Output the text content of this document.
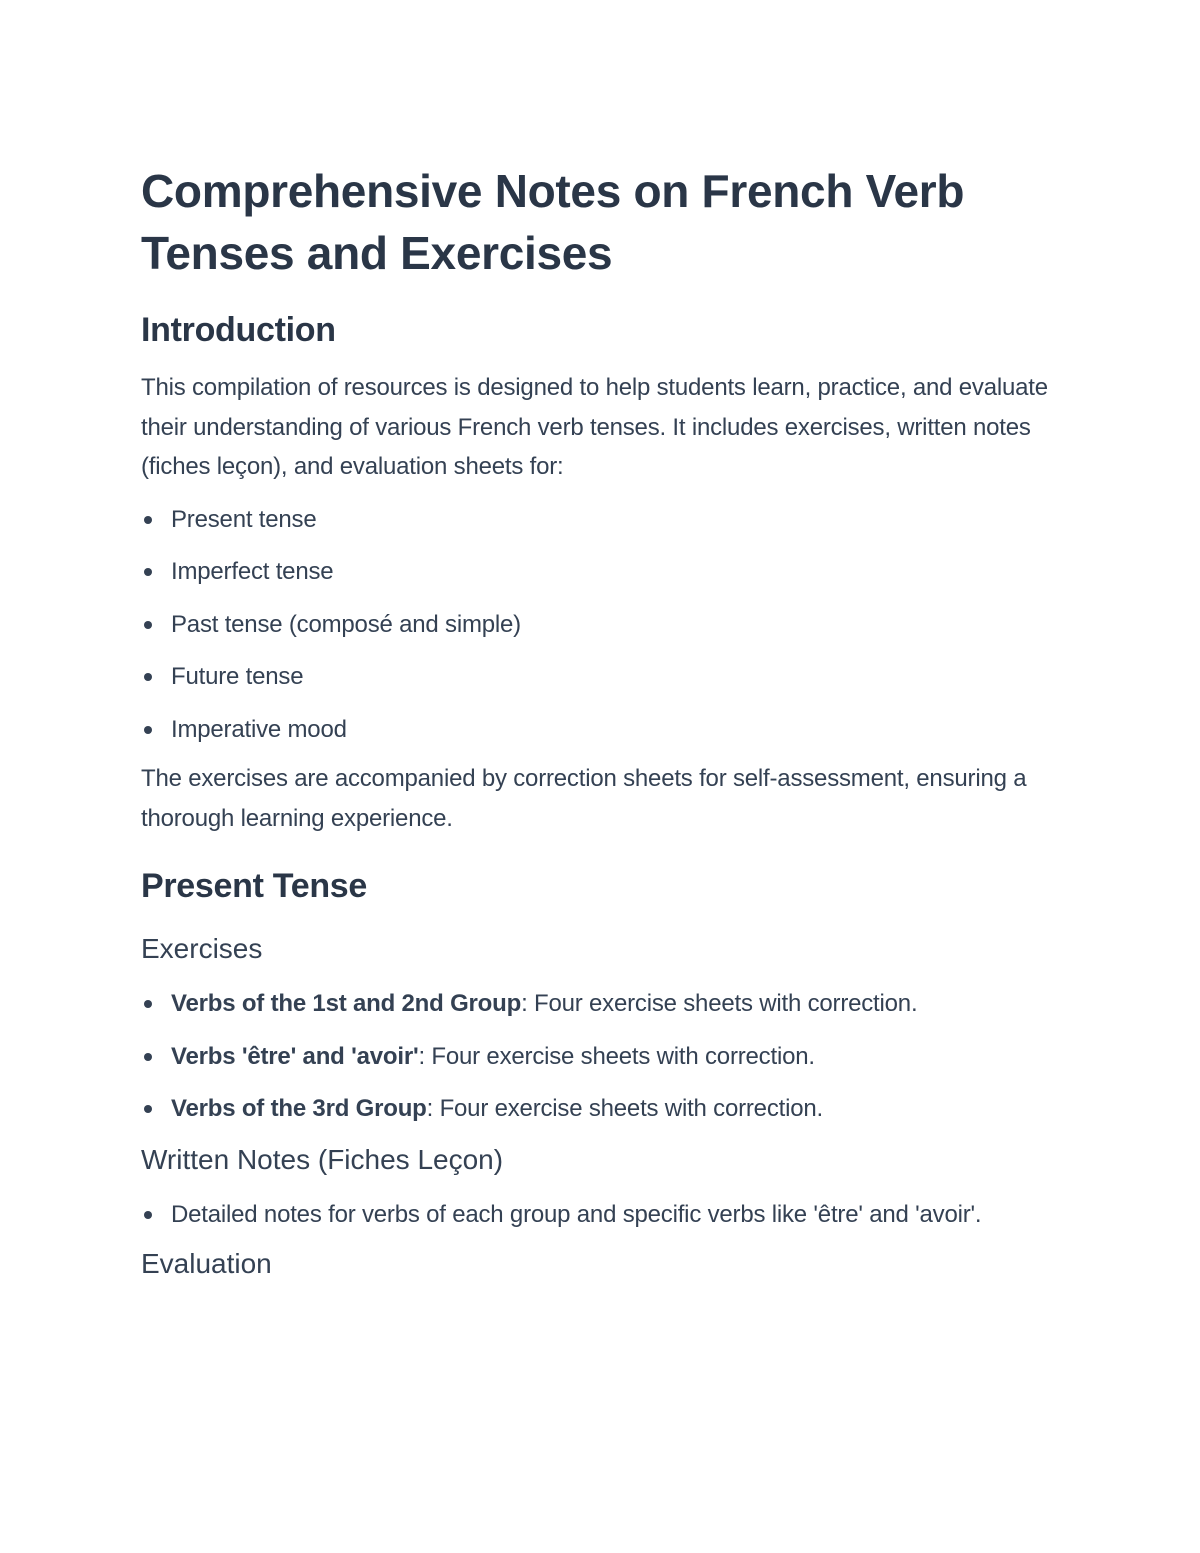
Comprehensive Notes on French Verb Tenses and Exercises
Introduction

This compilation of resources is designed to help students learn, practice, and evaluate their understanding of various French verb tenses. It includes exercises, written notes (fiches leçon), and evaluation sheets for:

Present tense
Imperfect tense
Past tense (composé and simple)
Future tense
Imperative mood

The exercises are accompanied by correction sheets for self-assessment, ensuring a thorough learning experience.

Present Tense
Exercises
Verbs of the 1st and 2nd Group: Four exercise sheets with correction.
Verbs 'être' and 'avoir': Four exercise sheets with correction.
Verbs of the 3rd Group: Four exercise sheets with correction.
Written Notes (Fiches Leçon)
Detailed notes for verbs of each group and specific verbs like 'être' and 'avoir'.
Evaluation
